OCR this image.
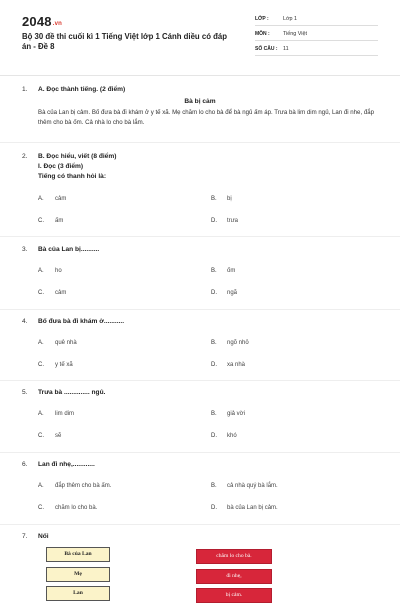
2048.vn
Bộ 30 đề thi cuối kì 1 Tiếng Việt lớp 1 Cánh diều có đáp án - Đề 8
LỚP :	Lớp 1
MÔN : Tiếng Việt
SỐ CÂU : 11
1. A. Đọc thành tiếng. (2 điểm)
Bà bị cảm
Bà của Lan bị cảm. Bố đưa bà đi khám ở y tế xã. Mẹ chăm lo cho bà để bà ngủ ấm áp. Trưa bà lim dim ngủ, Lan đi nhe, đắp thêm cho bà ốm. Cả nhà lo cho bà lắm.
2. B. Đọc hiểu, viết (8 điểm)
I. Đọc (3 điểm)
Tiếng có thanh hỏi là:
A. cảm	B. bị
C. ấm	D. trưa
3. Bà của Lan bị..........
A. ho	B. ốm
C. cảm	D. ngã
4. Bố đưa bà đi khám ở...........
A. quê nhà	B. ngõ nhỏ
C. y tế xã	D. xa nhà
5. Trưa bà .............. ngủ.
A. lim dim	B. giả vời
C. sẽ	D. khó
6. Lan đi nhẹ,............
A. đắp thêm cho bà ấm.	B. cả nhà quý bà lắm.
C. chăm lo cho bà.	D. bà của Lan bị cảm.
7. Nối
Bà của Lan
Mẹ
Lan
chăm lo cho bà.
đi nhẹ,
bị cảm.
